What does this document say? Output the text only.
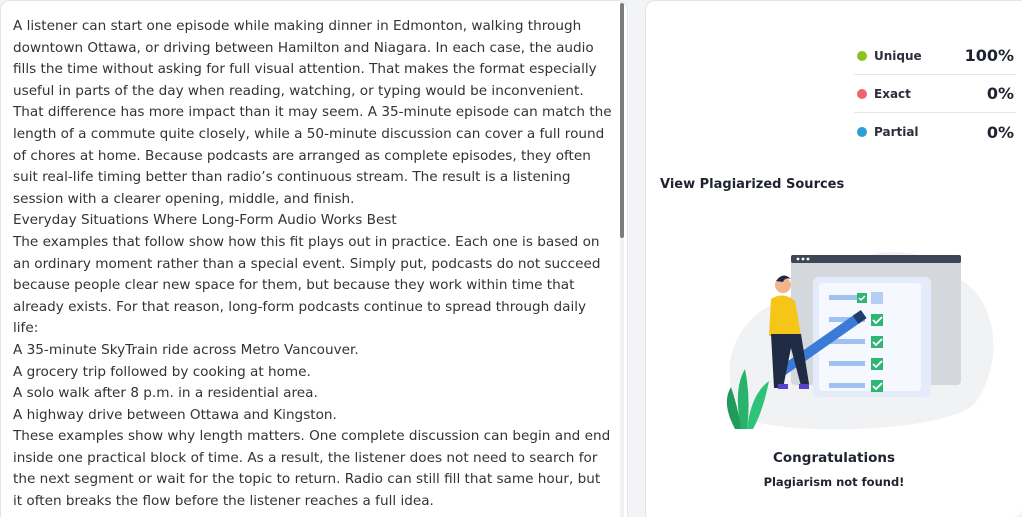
A listener can start one episode while making dinner in Edmonton, walking through downtown Ottawa, or driving between Hamilton and Niagara. In each case, the audio fills the time without asking for full visual attention. That makes the format especially useful in parts of the day when reading, watching, or typing would be inconvenient. That difference has more impact than it may seem. A 35-minute episode can match the length of a commute quite closely, while a 50-minute discussion can cover a full round of chores at home. Because podcasts are arranged as complete episodes, they often suit real-life timing better than radio’s continuous stream. The result is a listening session with a clearer opening, middle, and finish.

Everyday Situations Where Long-Form Audio Works Best

The examples that follow show how this fit plays out in practice. Each one is based on an ordinary moment rather than a special event. Simply put, podcasts do not succeed because people clear new space for them, but because they work within time that already exists. For that reason, long-form podcasts continue to spread through daily life:

A 35-minute SkyTrain ride across Metro Vancouver.

A grocery trip followed by cooking at home.

A solo walk after 8 p.m. in a residential area.

A highway drive between Ottawa and Kingston.

These examples show why length matters. One complete discussion can begin and end inside one practical block of time. As a result, the listener does not need to search for the next segment or wait for the topic to return. Radio can still fill that same hour, but it often breaks the flow before the listener reaches a full idea.

Unique	100%
Exact	0%
Partial	0%
View Plagiarized Sources
Congratulations
Plagiarism not found!
